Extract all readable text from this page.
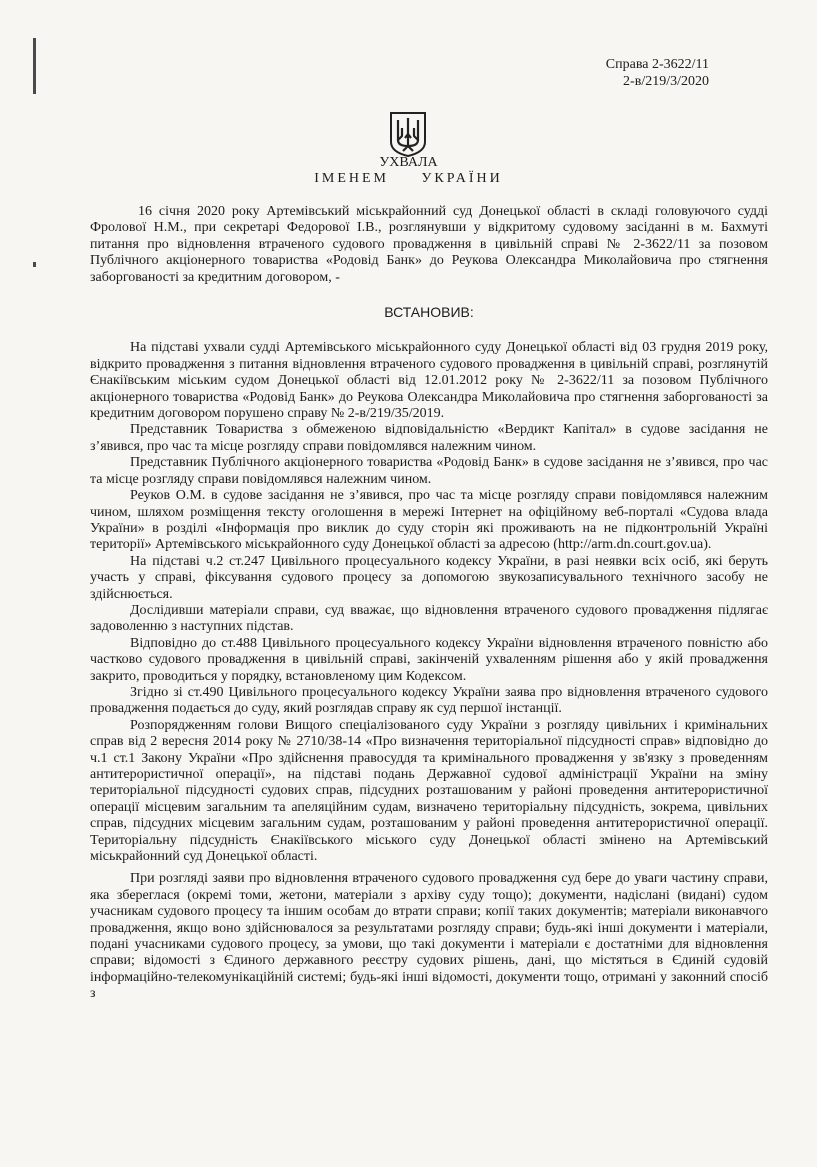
Справа 2-3622/11
2-в/219/3/2020
УХВАЛА
ІМЕНЕМ УКРАЇНИ

16 січня 2020 року Артемівський міськрайонний суд Донецької області в складі головуючого судді Фролової Н.М., при секретарі Федорової І.В., розглянувши у відкритому судовому засіданні в м. Бахмуті питання про відновлення втраченого судового провадження в цивільній справі № 2-3622/11 за позовом Публічного акціонерного товариства «Родовід Банк» до Реукова Олександра Миколайовича про стягнення заборгованості за кредитним договором, -

ВСТАНОВИВ:

На підставі ухвали судді Артемівського міськрайонного суду Донецької області від 03 грудня 2019 року, відкрито провадження з питання відновлення втраченого судового провадження в цивільній справі, розглянутій Єнакіївським міським судом Донецької області від 12.01.2012 року № 2-3622/11 за позовом Публічного акціонерного товариства «Родовід Банк» до Реукова Олександра Миколайовича про стягнення заборгованості за кредитним договором порушено справу № 2-в/219/35/2019.

Представник Товариства з обмеженою відповідальністю «Вердикт Капітал» в судове засідання не з’явився, про час та місце розгляду справи повідомлявся належним чином.

Представник Публічного акціонерного товариства «Родовід Банк» в судове засідання не з’явився, про час та місце розгляду справи повідомлявся належним чином.

Реуков О.М. в судове засідання не з’явився, про час та місце розгляду справи повідомлявся належним чином, шляхом розміщення тексту оголошення в мережі Інтернет на офіційному веб-порталі «Судова влада України» в розділі «Інформація про виклик до суду сторін які проживають на не підконтрольній Україні території» Артемівського міськрайонного суду Донецької області за адресою (http://arm.dn.court.gov.ua).

На підставі ч.2 ст.247 Цивільного процесуального кодексу України, в разі неявки всіх осіб, які беруть участь у справі, фіксування судового процесу за допомогою звукозаписувального технічного засобу не здійснюється.

Дослідивши матеріали справи, суд вважає, що відновлення втраченого судового провадження підлягає задоволенню з наступних підстав.

Відповідно до ст.488 Цивільного процесуального кодексу України відновлення втраченого повністю або частково судового провадження в цивільній справі, закінченій ухваленням рішення або у якій провадження закрито, проводиться у порядку, встановленому цим Кодексом.

Згідно зі ст.490 Цивільного процесуального кодексу України заява про відновлення втраченого судового провадження подається до суду, який розглядав справу як суд першої інстанції.

Розпорядженням голови Вищого спеціалізованого суду України з розгляду цивільних і кримінальних справ від 2 вересня 2014 року № 2710/38-14 «Про визначення територіальної підсудності справ» відповідно до ч.1 ст.1 Закону України «Про здійснення правосуддя та кримінального провадження у зв'язку з проведенням антитерористичної операції», на підставі подань Державної судової адміністрації України на зміну територіальної підсудності судових справ, підсудних розташованим у районі проведення антитерористичної операції місцевим загальним та апеляційним судам, визначено територіальну підсудність, зокрема, цивільних справ, підсудних місцевим загальним судам, розташованим у районі проведення антитерористичної операції. Територіальну підсудність Єнакіївського міського суду Донецької області змінено на Артемівський міськрайонний суд Донецької області.

При розгляді заяви про відновлення втраченого судового провадження суд бере до уваги частину справи, яка збереглася (окремі томи, жетони, матеріали з архіву суду тощо); документи, надіслані (видані) судом учасникам судового процесу та іншим особам до втрати справи; копії таких документів; матеріали виконавчого провадження, якщо воно здійснювалося за результатами розгляду справи; будь-які інші документи і матеріали, подані учасниками судового процесу, за умови, що такі документи і матеріали є достатніми для відновлення справи; відомості з Єдиного державного реєстру судових рішень, дані, що містяться в Єдиній судовій інформаційно-телекомунікаційній системі; будь-які інші відомості, документи тощо, отримані у законний спосіб з
